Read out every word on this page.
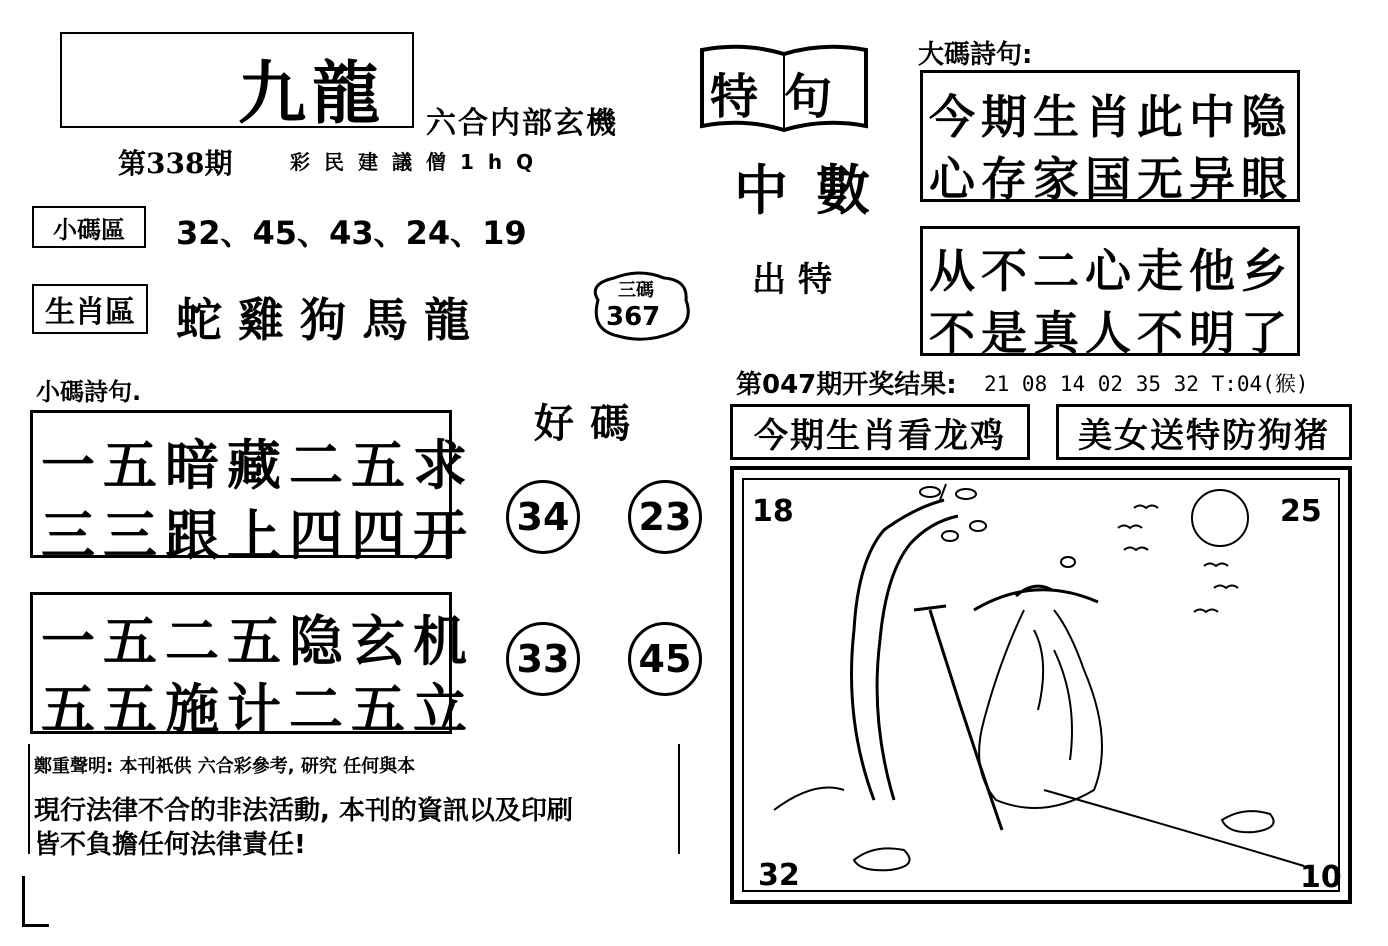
九龍 六合内部玄機
第338期	彩民建議僧1hQ
小碼區 32、45、43、24、19
生肖區 蛇雞狗馬龍
三碼
367
小碼詩句.
一五暗藏二五求
三三跟上四四开
一五二五隐玄机
五五施计二五立
好碼
34 23
33 45
特句
中數
出特
大碼詩句:
今期生肖此中隐
心存家国无异眼
从不二心走他乡
不是真人不明了
第047期开奖结果: 21 08 14 02 35 32 T:04(猴)
今期生肖看龙鸡 美女送特防狗猪
18	25
32	10
鄭重聲明: 本刊祇供 六合彩參考, 研究 任何與本
現行法律不合的非法活動, 本刊的資訊以及印刷
皆不負擔任何法律責任!
